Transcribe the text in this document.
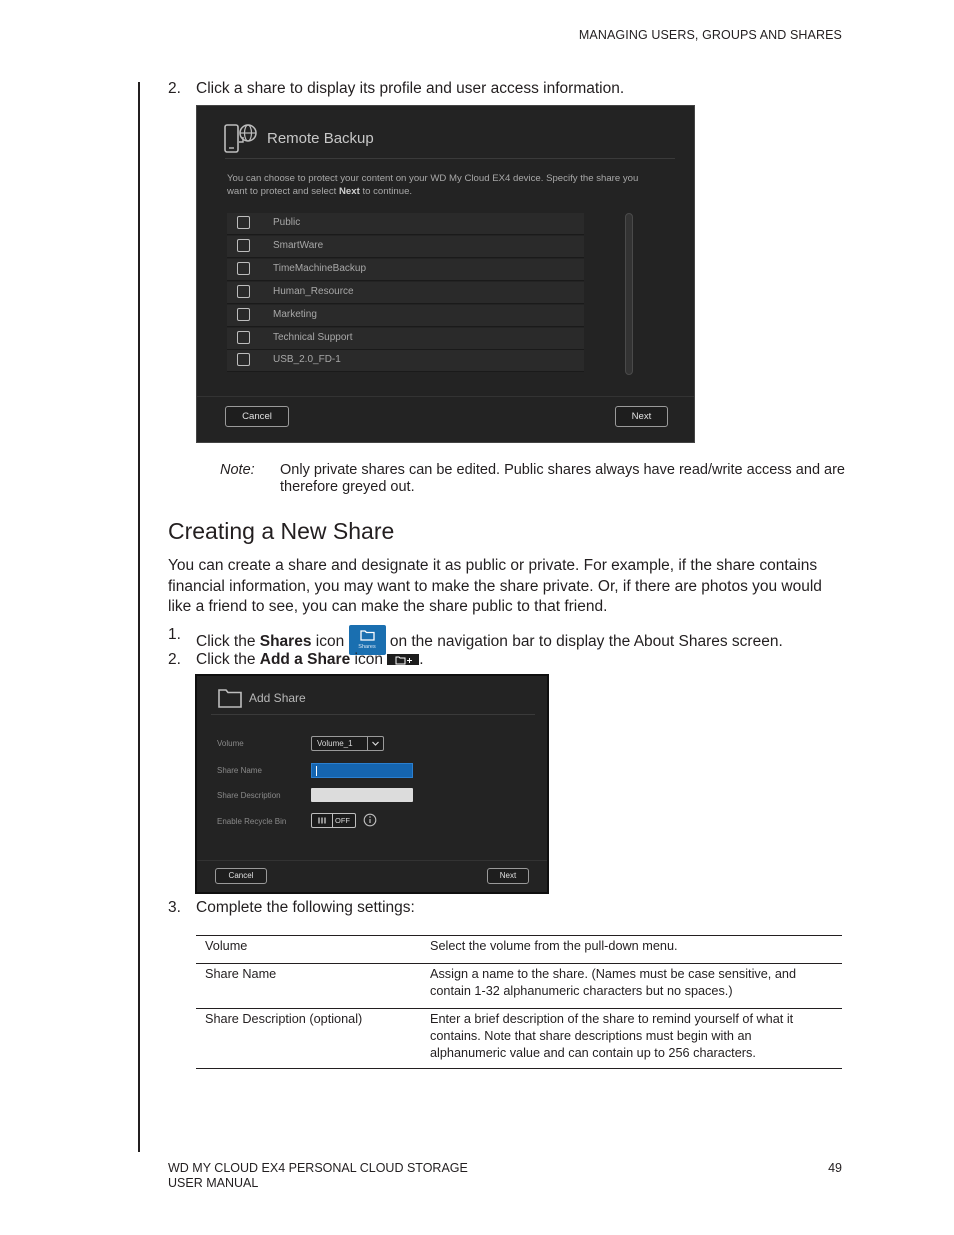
MANAGING USERS, GROUPS AND SHARES
2. Click a share to display its profile and user access information.
Remote Backup
You can choose to protect your content on your WD My Cloud EX4 device. Specify the share you want to protect and select Next to continue.
Public
SmartWare
TimeMachineBackup
Human_Resource
Marketing
Technical Support
USB_2.0_FD-1
Cancel	Next
Note: Only private shares can be edited. Public shares always have read/write access and are therefore greyed out.
Creating a New Share
You can create a share and designate it as public or private. For example, if the share contains financial information, you may want to make the share private. Or, if there are photos you would like a friend to see, you can make the share public to that friend.
1. Click the Shares icon	Shares on the navigation bar to display the About Shares screen.
2. Click the Add a Share icon
.
Add Share
Volume	Volume_1
Share Name
Share Description
Enable Recycle Bin	OFF
Cancel	Next
3. Complete the following settings:
Volume	Select the volume from the pull-down menu.
Share Name	Assign a name to the share. (Names must be case sensitive, and contain 1-32 alphanumeric characters but no spaces.)
Share Description (optional)	Enter a brief description of the share to remind yourself of what it contains. Note that share descriptions must begin with an alphanumeric value and can contain up to 256 characters.
WD MY CLOUD EX4 PERSONAL CLOUD STORAGE
USER MANUAL
49
